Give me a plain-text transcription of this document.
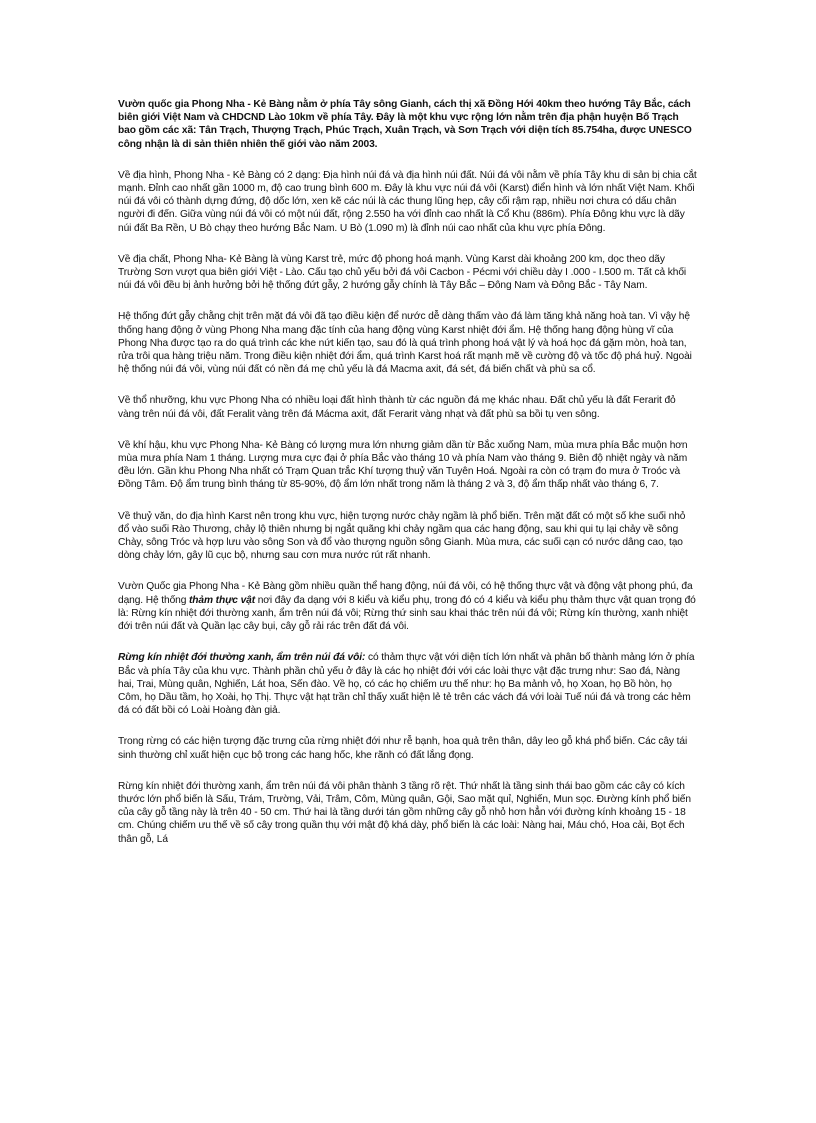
Vườn quốc gia Phong Nha - Kẻ Bàng nằm ở phía Tây sông Gianh, cách thị xã Đồng Hới 40km theo hướng Tây Bắc, cách biên giới Việt Nam và CHDCND Lào 10km về phía Tây. Đây là một khu vực rộng lớn nằm trên địa phận huyện Bố Trạch bao gồm các xã: Tân Trạch, Thượng Trạch, Phúc Trạch, Xuân Trạch, và Sơn Trạch với diện tích 85.754ha, được UNESCO công nhận là di sản thiên nhiên thế giới vào năm 2003.

Về địa hình, Phong Nha - Kẻ Bàng có 2 dạng: Địa hình núi đá và địa hình núi đất. Núi đá vôi nằm về phía Tây khu di sản bị chia cắt mạnh. Đỉnh cao nhất gần 1000 m, độ cao trung bình 600 m. Đây là khu vực núi đá vôi (Karst) điển hình và lớn nhất Việt Nam. Khối núi đá vôi có thành dựng đứng, độ dốc lớn, xen kẽ các núi là các thung lũng hẹp, cây cối rậm rạp, nhiều nơi chưa có dấu chân người đi đến. Giữa vùng núi đá vôi có một núi đất, rộng 2.550 ha với đỉnh cao nhất là Cổ Khu (886m). Phía Đông khu vực là dãy núi đất Ba Rền, U Bò chạy theo hướng Bắc Nam. U Bò (1.090 m) là đỉnh núi cao nhất của khu vực phía Đông.

Về địa chất, Phong Nha- Kẻ Bàng là vùng Karst trẻ, mức độ phong hoá mạnh. Vùng Karst dài khoảng 200 km, dọc theo dãy Trường Sơn vượt qua biên giới Việt - Lào. Cấu tạo chủ yếu bởi đá vôi Cacbon - Pécmi với chiều dày I .000 - I.500 m. Tất cả khối núi đá vôi đều bị ảnh hưởng bởi hệ thống đứt gẫy, 2 hướng gẫy chính là Tây Bắc – Đông Nam và Đông Bắc - Tây Nam.

Hệ thống đứt gẫy chằng chịt trên mặt đá vôi đã tạo điều kiện để nước dễ dàng thấm vào đá làm tăng khả năng hoà tan. Vì vậy hệ thống hang động ở vùng Phong Nha mang đặc tính của hang động vùng Karst nhiệt đới ẩm. Hệ thống hang động hùng vĩ của Phong Nha được tạo ra do quá trình các khe nứt kiến tạo, sau đó là quá trình phong hoá vật lý và hoá học đá gặm mòn, hoà tan, rửa trôi qua hàng triệu năm. Trong điều kiện nhiệt đới ẩm, quá trình Karst hoá rất mạnh mẽ về cường độ và tốc độ phá huỷ. Ngoài hệ thống núi đá vôi, vùng núi đất có nền đá mẹ chủ yếu là đá Macma axit, đá sét, đá biến chất và phù sa cổ.

Về thổ nhưỡng, khu vực Phong Nha có nhiều loại đất hình thành từ các nguồn đá mẹ khác nhau. Đất chủ yếu là đất Ferarit đỏ vàng trên núi đá vôi, đất Feralit vàng trên đá Mácma axit, đất Ferarit vàng nhạt và đất phù sa bồi tụ ven sông.

Về khí hậu, khu vực Phong Nha- Kẻ Bàng có lượng mưa lớn nhưng giảm dần từ Bắc xuống Nam, mùa mưa phía Bắc muộn hơn mùa mưa phía Nam 1 tháng. Lượng mưa cực đại ở phía Bắc vào tháng 10 và phía Nam vào tháng 9. Biên độ nhiệt ngày và năm đều lớn. Gần khu Phong Nha nhất có Trạm Quan trắc Khí tượng thuỷ văn Tuyên Hoá. Ngoài ra còn có trạm đo mưa ở Troóc và Đồng Tâm. Độ ẩm trung bình tháng từ 85-90%, độ ẩm lớn nhất trong năm là tháng 2 và 3, độ ẩm thấp nhất vào tháng 6, 7.

Về thuỷ văn, do địa hình Karst nên trong khu vực, hiện tượng nước chảy ngầm là phổ biến. Trên mặt đất có một số khe suối nhỏ đổ vào suối Rào Thương, chảy lộ thiên nhưng bị ngắt quãng khi chảy ngầm qua các hang động, sau khi qui tụ lại chảy về sông Chày, sông Tróc và hợp lưu vào sông Son và đổ vào thượng nguồn sông Gianh. Mùa mưa, các suối cạn có nước dâng cao, tạo dòng chảy lớn, gây lũ cục bộ, nhưng sau cơn mưa nước rút rất nhanh.

Vườn Quốc gia Phong Nha - Kẻ Bàng gồm nhiều quần thể hang động, núi đá vôi, có hệ thống thực vật và động vật phong phú, đa dạng. Hệ thống thảm thực vật nơi đây đa dạng với 8 kiểu và kiểu phụ, trong đó có 4 kiểu và kiểu phụ thảm thực vật quan trọng đó là: Rừng kín nhiệt đới thường xanh, ẩm trên núi đá vôi; Rừng thứ sinh sau khai thác trên núi đá vôi; Rừng kín thường, xanh nhiệt đới trên núi đất và Quần lạc cây bụi, cây gỗ rải rác trên đất đá vôi.

Rừng kín nhiệt đới thường xanh, ẩm trên núi đá vôi: có thảm thực vật với diện tích lớn nhất và phân bố thành mảng lớn ở phía Bắc và phía Tây của khu vực. Thành phần chủ yếu ở đây là các họ nhiệt đới với các loài thực vật đặc trưng như: Sao đá, Nàng hai, Trai, Mùng quân, Nghiến, Lát hoa, Sến đào. Về họ, có các họ chiếm ưu thế như: họ Ba mảnh vỏ, họ Xoan, họ Bồ hòn, họ Côm, họ Dầu tầm, họ Xoài, họ Thị. Thực vật hạt trần chỉ thấy xuất hiện lẻ tẻ trên các vách đá với loài Tuế núi đá và trong các hẻm đá có đất bồi có Loài Hoàng đàn giả.

Trong rừng có các hiện tượng đặc trưng của rừng nhiệt đới như rễ bạnh, hoa quả trên thân, dây leo gỗ khá phổ biến. Các cây tái sinh thường chỉ xuất hiện cục bộ trong các hang hốc, khe rãnh có đất lắng đọng.

Rừng kín nhiệt đới thường xanh, ẩm trên núi đá vôi phân thành 3 tầng rõ rệt. Thứ nhất là tầng sinh thái bao gồm các cây có kích thước lớn phổ biến là Sấu, Trám, Trường, Vải, Trâm, Côm, Mùng quân, Gội, Sao mặt quỉ, Nghiến, Mun sọc. Đường kính phổ biến của cây gỗ tầng này là trên 40 - 50 cm. Thứ hai là tầng dưới tán gồm những cây gỗ nhỏ hơn hẳn với đường kính khoảng 15 - 18 cm. Chúng chiếm ưu thế về số cây trong quần thụ với mật độ khá dày, phổ biến là các loài: Nàng hai, Máu chó, Hoa cải, Bọt ếch thân gỗ, Lá
